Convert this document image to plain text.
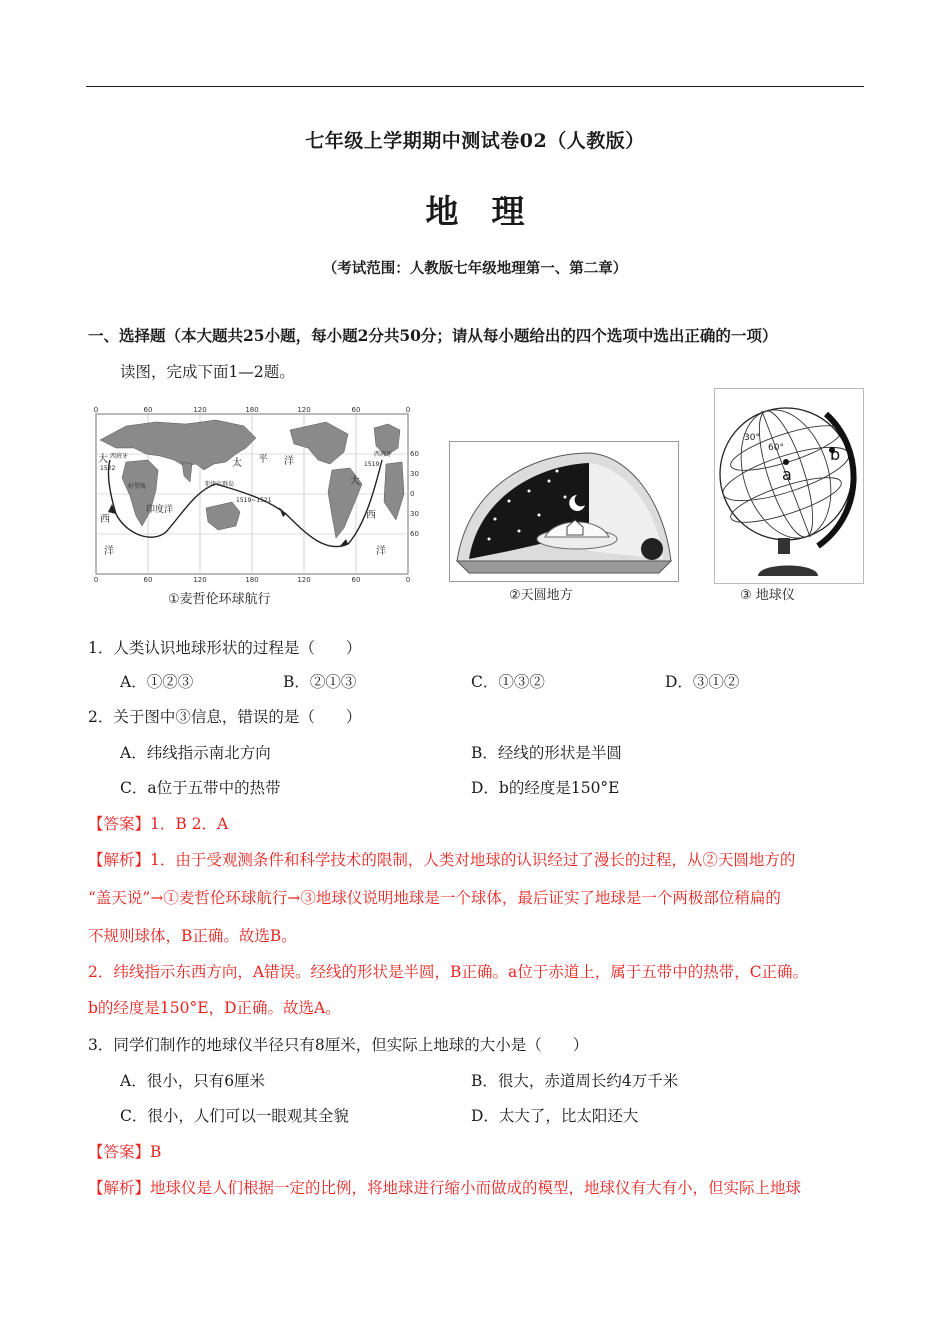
七年级上学期期中测试卷02（人教版）
地　理
（考试范围：人教版七年级地理第一、第二章）
一、选择题（本大题共25小题，每小题2分共50分；请从每小题给出的四个选项中选出正确的一项）
读图，完成下面1—2题。
0	60	120	180	120	60	0
0	60	120	180	120	60	0
60
30
0
30
60
太 平 洋
印度洋
大
西
洋
大
西
洋
西班牙	西班牙
菲律宾群岛
1519
1522
1519~1521
好望角
①麦哲伦环球航行	②天圆地方
30°
60°
a
b
③ 地球仪
1．人类认识地球形状的过程是（　　）
A．①②③	B．②①③	C．①③②	D．③①②
2．关于图中③信息，错误的是（　　）
A．纬线指示南北方向	B．经线的形状是半圆
C．a位于五带中的热带	D．b的经度是150°E
【答案】1．B 2．A
【解析】1．由于受观测条件和科学技术的限制，人类对地球的认识经过了漫长的过程，从②天圆地方的
“盖天说”→①麦哲伦环球航行→③地球仪说明地球是一个球体，最后证实了地球是一个两极部位稍扁的
不规则球体，B正确。故选B。
2．纬线指示东西方向，A错误。经线的形状是半圆，B正确。a位于赤道上，属于五带中的热带，C正确。
b的经度是150°E，D正确。故选A。
3．同学们制作的地球仪半径只有8厘米，但实际上地球的大小是（　　）
A．很小，只有6厘米	B．很大，赤道周长约4万千米
C．很小，人们可以一眼观其全貌	D．太大了，比太阳还大
【答案】B
【解析】地球仪是人们根据一定的比例，将地球进行缩小而做成的模型，地球仪有大有小，但实际上地球
